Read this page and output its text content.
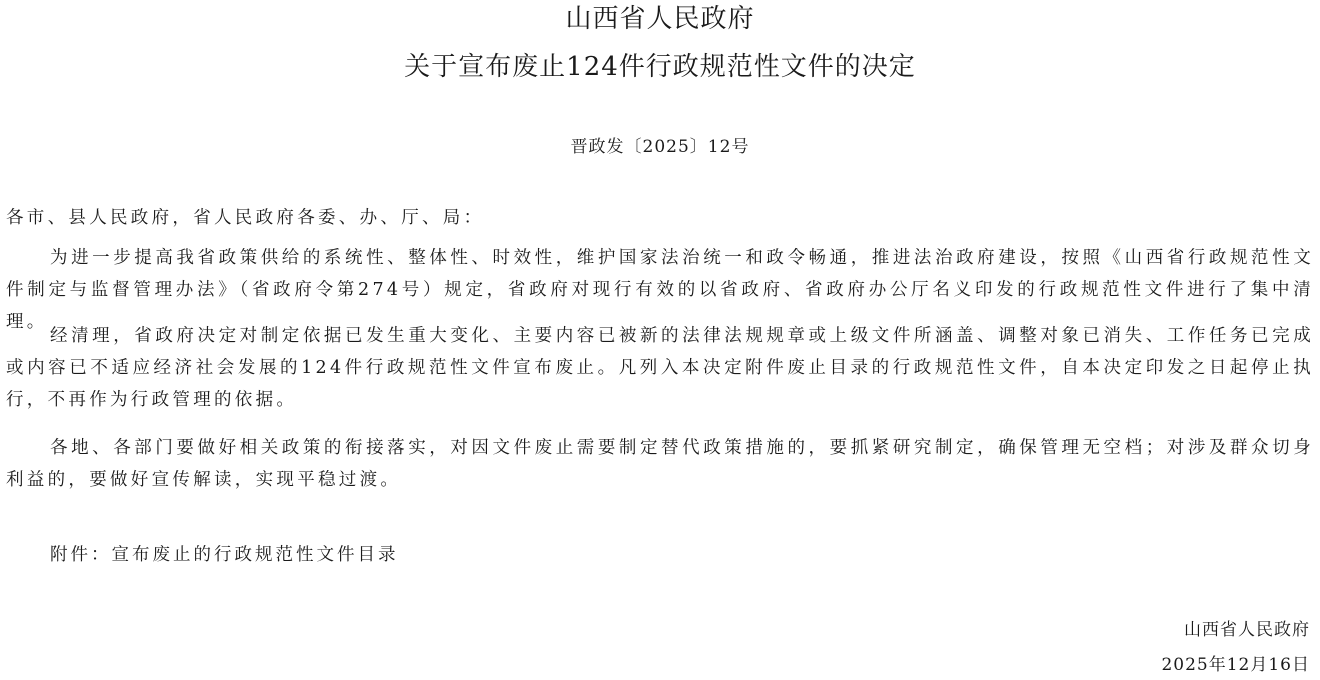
山西省人民政府
关于宣布废止124件行政规范性文件的决定
晋政发〔2025〕12号
各市、县人民政府，省人民政府各委、办、厅、局：
为进一步提高我省政策供给的系统性、整体性、时效性，维护国家法治统一和政令畅通，推进法治政府建设，按照《山西省行政规范性文件制定与监督管理办法》（省政府令第274号）规定，省政府对现行有效的以省政府、省政府办公厅名义印发的行政规范性文件进行了集中清理。
经清理，省政府决定对制定依据已发生重大变化、主要内容已被新的法律法规规章或上级文件所涵盖、调整对象已消失、工作任务已完成或内容已不适应经济社会发展的124件行政规范性文件宣布废止。凡列入本决定附件废止目录的行政规范性文件，自本决定印发之日起停止执行，不再作为行政管理的依据。
各地、各部门要做好相关政策的衔接落实，对因文件废止需要制定替代政策措施的，要抓紧研究制定，确保管理无空档；对涉及群众切身利益的，要做好宣传解读，实现平稳过渡。
附件：宣布废止的行政规范性文件目录
山西省人民政府
2025年12月16日
